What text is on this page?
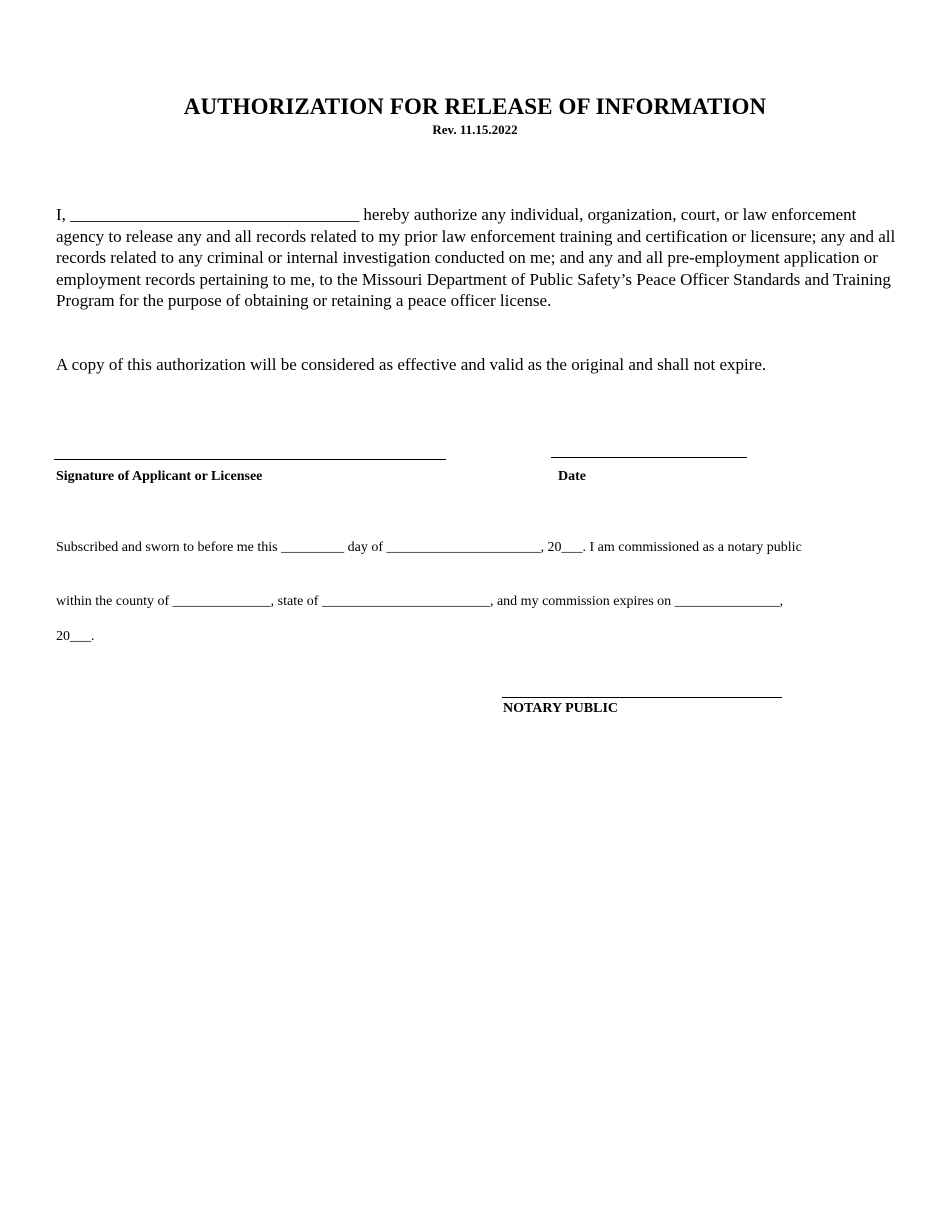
AUTHORIZATION FOR RELEASE OF INFORMATION
Rev. 11.15.2022

I, __________________________________ hereby authorize any individual, organization, court, or law enforcement agency to release any and all records related to my prior law enforcement training and certification or licensure; any and all records related to any criminal or internal investigation conducted on me; and any and all pre-employment application or employment records pertaining to me, to the Missouri Department of Public Safety’s Peace Officer Standards and Training Program for the purpose of obtaining or retaining a peace officer license.

A copy of this authorization will be considered as effective and valid as the original and shall not expire.

Signature of Applicant or Licensee	Date

Subscribed and sworn to before me this _________ day of ______________________, 20___. I am commissioned as a notary public

within the county of ______________, state of ________________________, and my commission expires on _______________,

20___.

NOTARY PUBLIC
